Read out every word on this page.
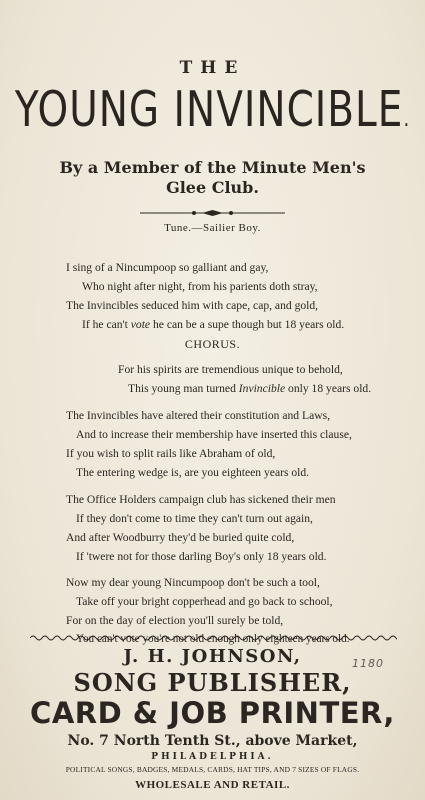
THE
YOUNG INVINCIBLE.
By a Member of the Minute Men's
Glee Club.
Tune.—Sailier Boy.
I sing of a Nincumpoop so galliant and gay,
Who night after night, from his parients doth stray,
The Invincibles seduced him with cape, cap, and gold,
If he can't vote he can be a supe though but 18 years old.
CHORUS.
For his spirits are tremendious unique to behold,
This young man turned Invincible only 18 years old.
The Invincibles have altered their constitution and Laws,
And to increase their membership have inserted this clause,
If you wish to split rails like Abraham of old,
The entering wedge is, are you eighteen years old.
The Office Holders campaign club has sickened their men
If they don't come to time they can't turn out again,
And after Woodburry they'd be buried quite cold,
If 'twere not for those darling Boy's only 18 years old.
Now my dear young Nincumpoop don't be such a tool,
Take off your bright copperhead and go back to school,
For on the day of election you'll surely be told,
You can't vote you're not old enough only eighteen years old.
J. H. JOHNSON,	1180
SONG PUBLISHER,
CARD & JOB PRINTER,
No. 7 North Tenth St., above Market,
PHILADELPHIA.
POLITICAL SONGS, BADGES, MEDALS, CARDS, HAT TIPS, AND 7 SIZES OF FLAGS.
WHOLESALE AND RETAIL.
